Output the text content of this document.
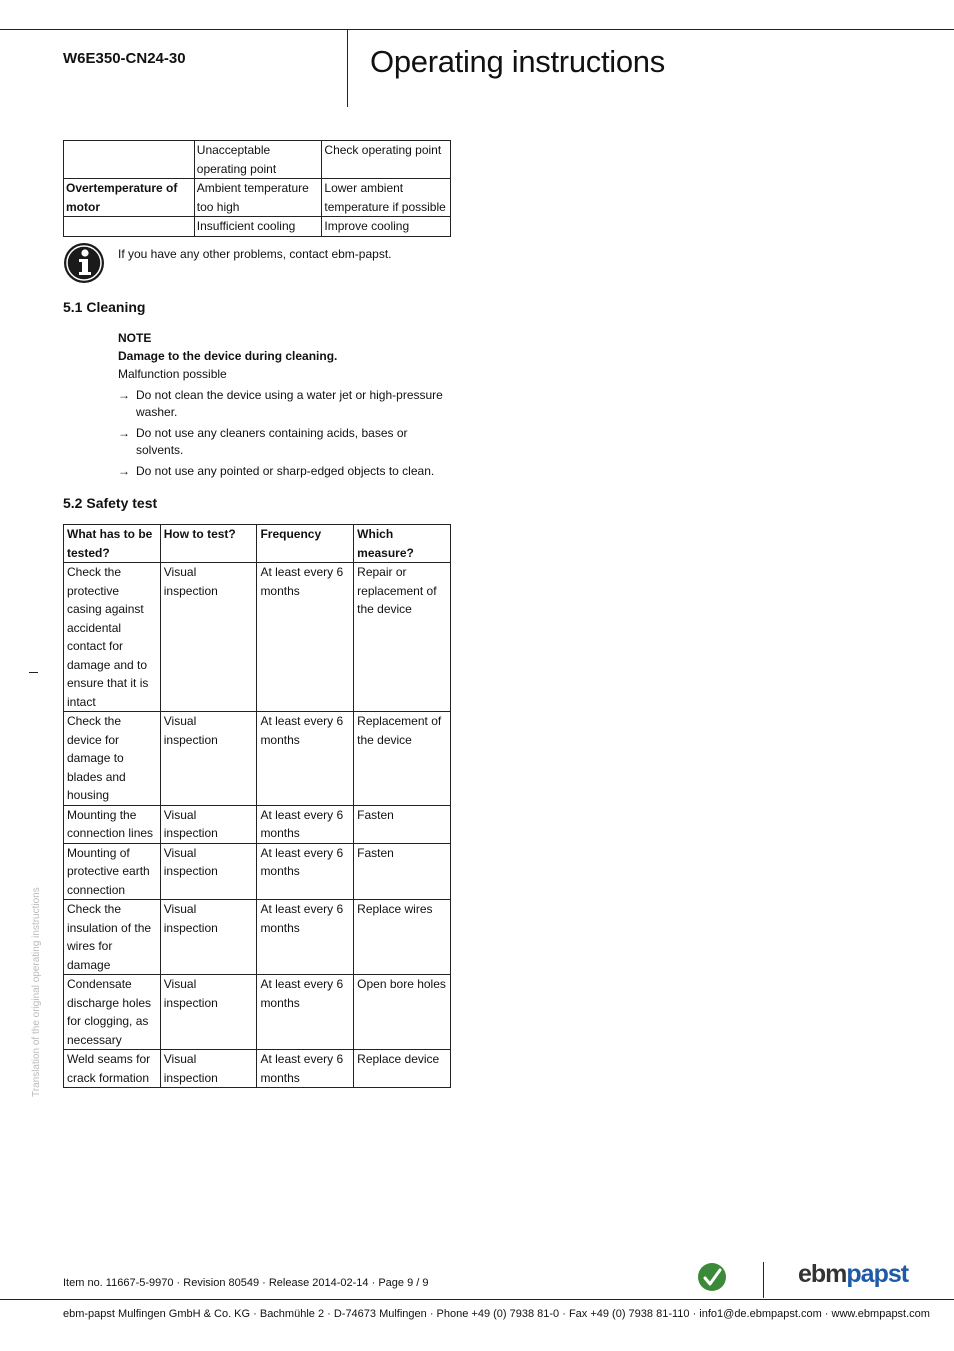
W6E350-CN24-30	Operating instructions
	Unacceptable operating point	Check operating point
Overtemperature of motor	Ambient temperature too high	Lower ambient temperature if possible
	Insufficient cooling	Improve cooling
If you have any other problems, contact ebm-papst.
5.1 Cleaning
NOTE
Damage to the device during cleaning.
Malfunction possible
→ Do not clean the device using a water jet or high-pressure washer.
→ Do not use any cleaners containing acids, bases or solvents.
→ Do not use any pointed or sharp-edged objects to clean.
5.2 Safety test
What has to be tested?	How to test?	Frequency	Which measure?
Check the protective casing against accidental contact for damage and to ensure that it is intact	Visual inspection	At least every 6 months	Repair or replacement of the device
Check the device for damage to blades and housing	Visual inspection	At least every 6 months	Replacement of the device
Mounting the connection lines	Visual inspection	At least every 6 months	Fasten
Mounting of protective earth connection	Visual inspection	At least every 6 months	Fasten
Check the insulation of the wires for damage	Visual inspection	At least every 6 months	Replace wires
Condensate discharge holes for clogging, as necessary	Visual inspection	At least every 6 months	Open bore holes
Weld seams for crack formation	Visual inspection	At least every 6 months	Replace device
Translation of the original operating instructions
Item no. 11667-5-9970 · Revision 80549 · Release 2014-02-14 · Page 9 / 9	ebmpapst
ebm-papst Mulfingen GmbH & Co. KG · Bachmühle 2 · D-74673 Mulfingen · Phone +49 (0) 7938 81-0 · Fax +49 (0) 7938 81-110 · info1@de.ebmpapst.com · www.ebmpapst.com
